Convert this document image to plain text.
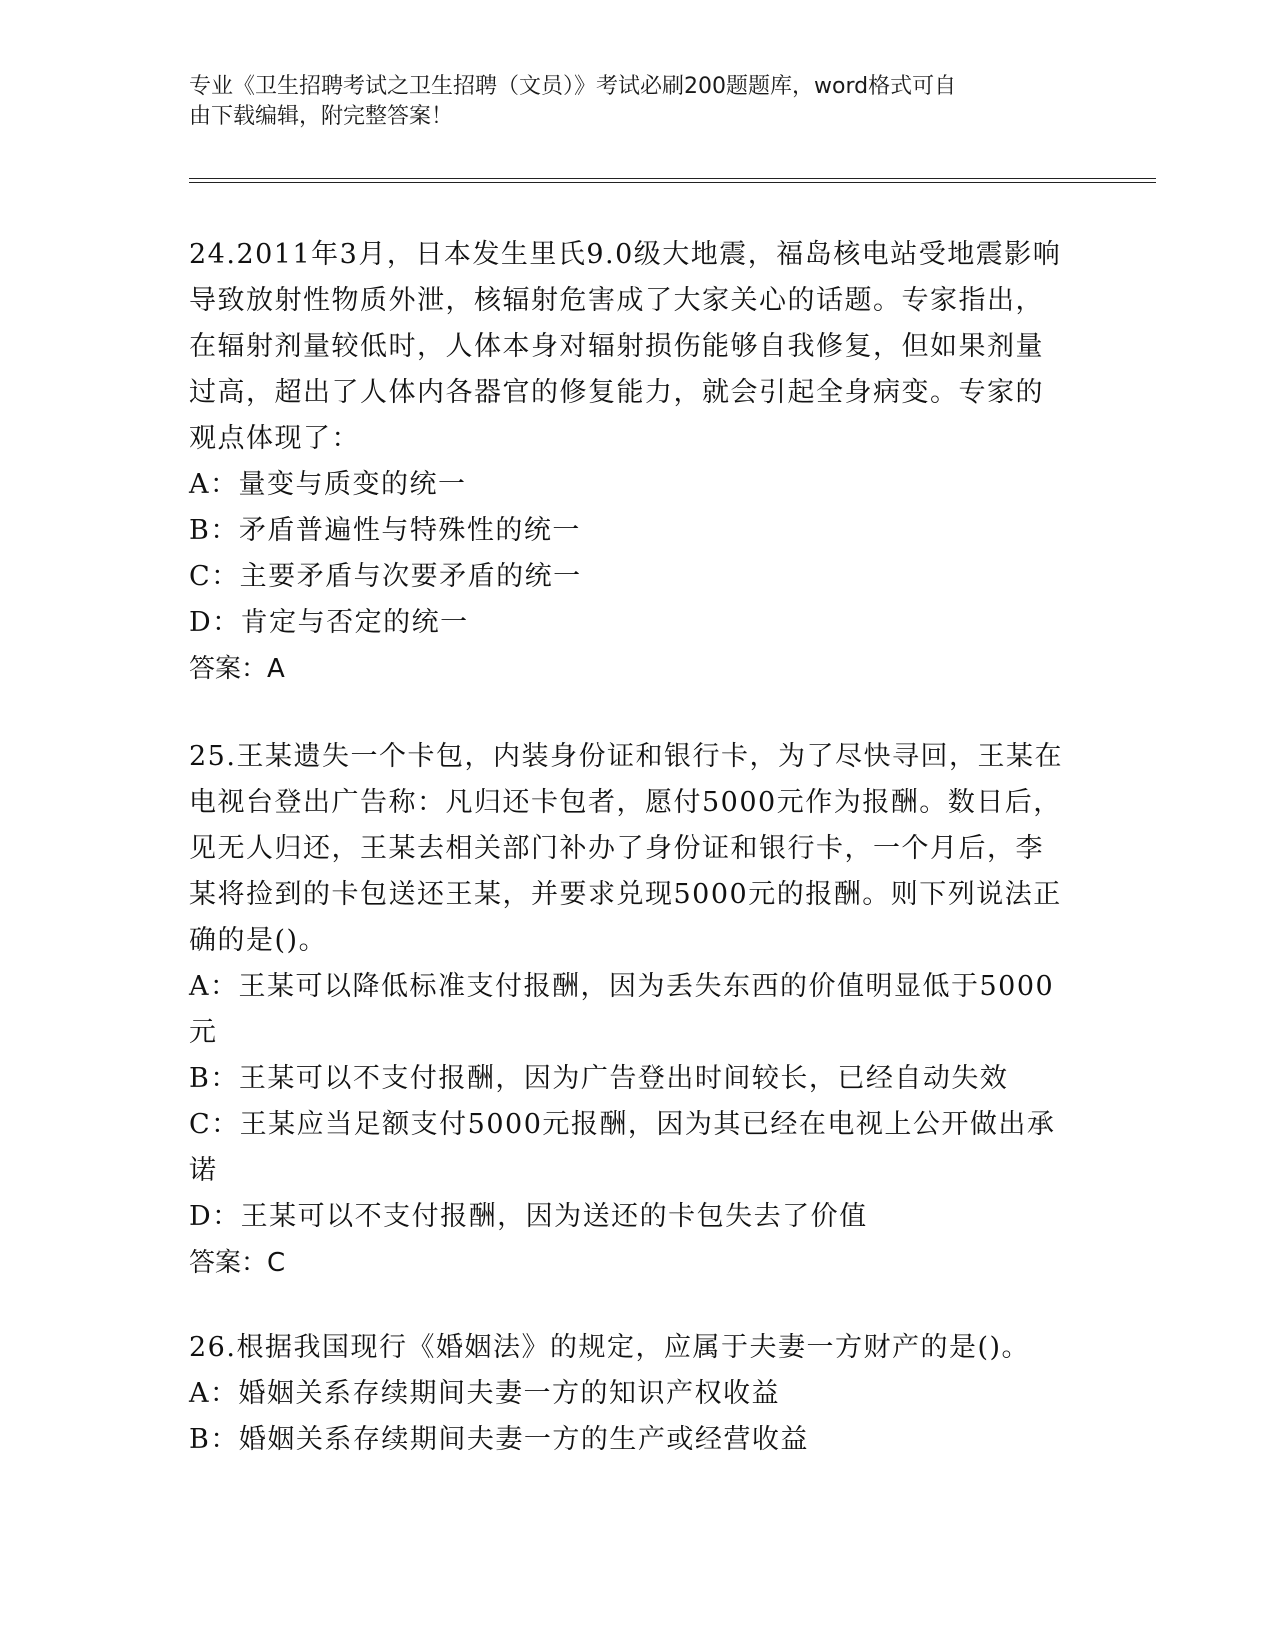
专业《卫生招聘考试之卫生招聘（文员）》考试必刷200题题库，word格式可自
由下载编辑，附完整答案！
24.2011年3月，日本发生里氏9.0级大地震，福岛核电站受地震影响
导致放射性物质外泄，核辐射危害成了大家关心的话题。专家指出，
在辐射剂量较低时，人体本身对辐射损伤能够自我修复，但如果剂量
过高，超出了人体内各器官的修复能力，就会引起全身病变。专家的
观点体现了：
A：量变与质变的统一
B：矛盾普遍性与特殊性的统一
C：主要矛盾与次要矛盾的统一
D：肯定与否定的统一
答案：A
25.王某遗失一个卡包，内装身份证和银行卡，为了尽快寻回，王某在
电视台登出广告称：凡归还卡包者，愿付5000元作为报酬。数日后，
见无人归还，王某去相关部门补办了身份证和银行卡，一个月后，李
某将捡到的卡包送还王某，并要求兑现5000元的报酬。则下列说法正
确的是()。
A：王某可以降低标准支付报酬，因为丢失东西的价值明显低于5000
元
B：王某可以不支付报酬，因为广告登出时间较长，已经自动失效
C：王某应当足额支付5000元报酬，因为其已经在电视上公开做出承
诺
D：王某可以不支付报酬，因为送还的卡包失去了价值
答案：C
26.根据我国现行《婚姻法》的规定，应属于夫妻一方财产的是()。
A：婚姻关系存续期间夫妻一方的知识产权收益
B：婚姻关系存续期间夫妻一方的生产或经营收益
